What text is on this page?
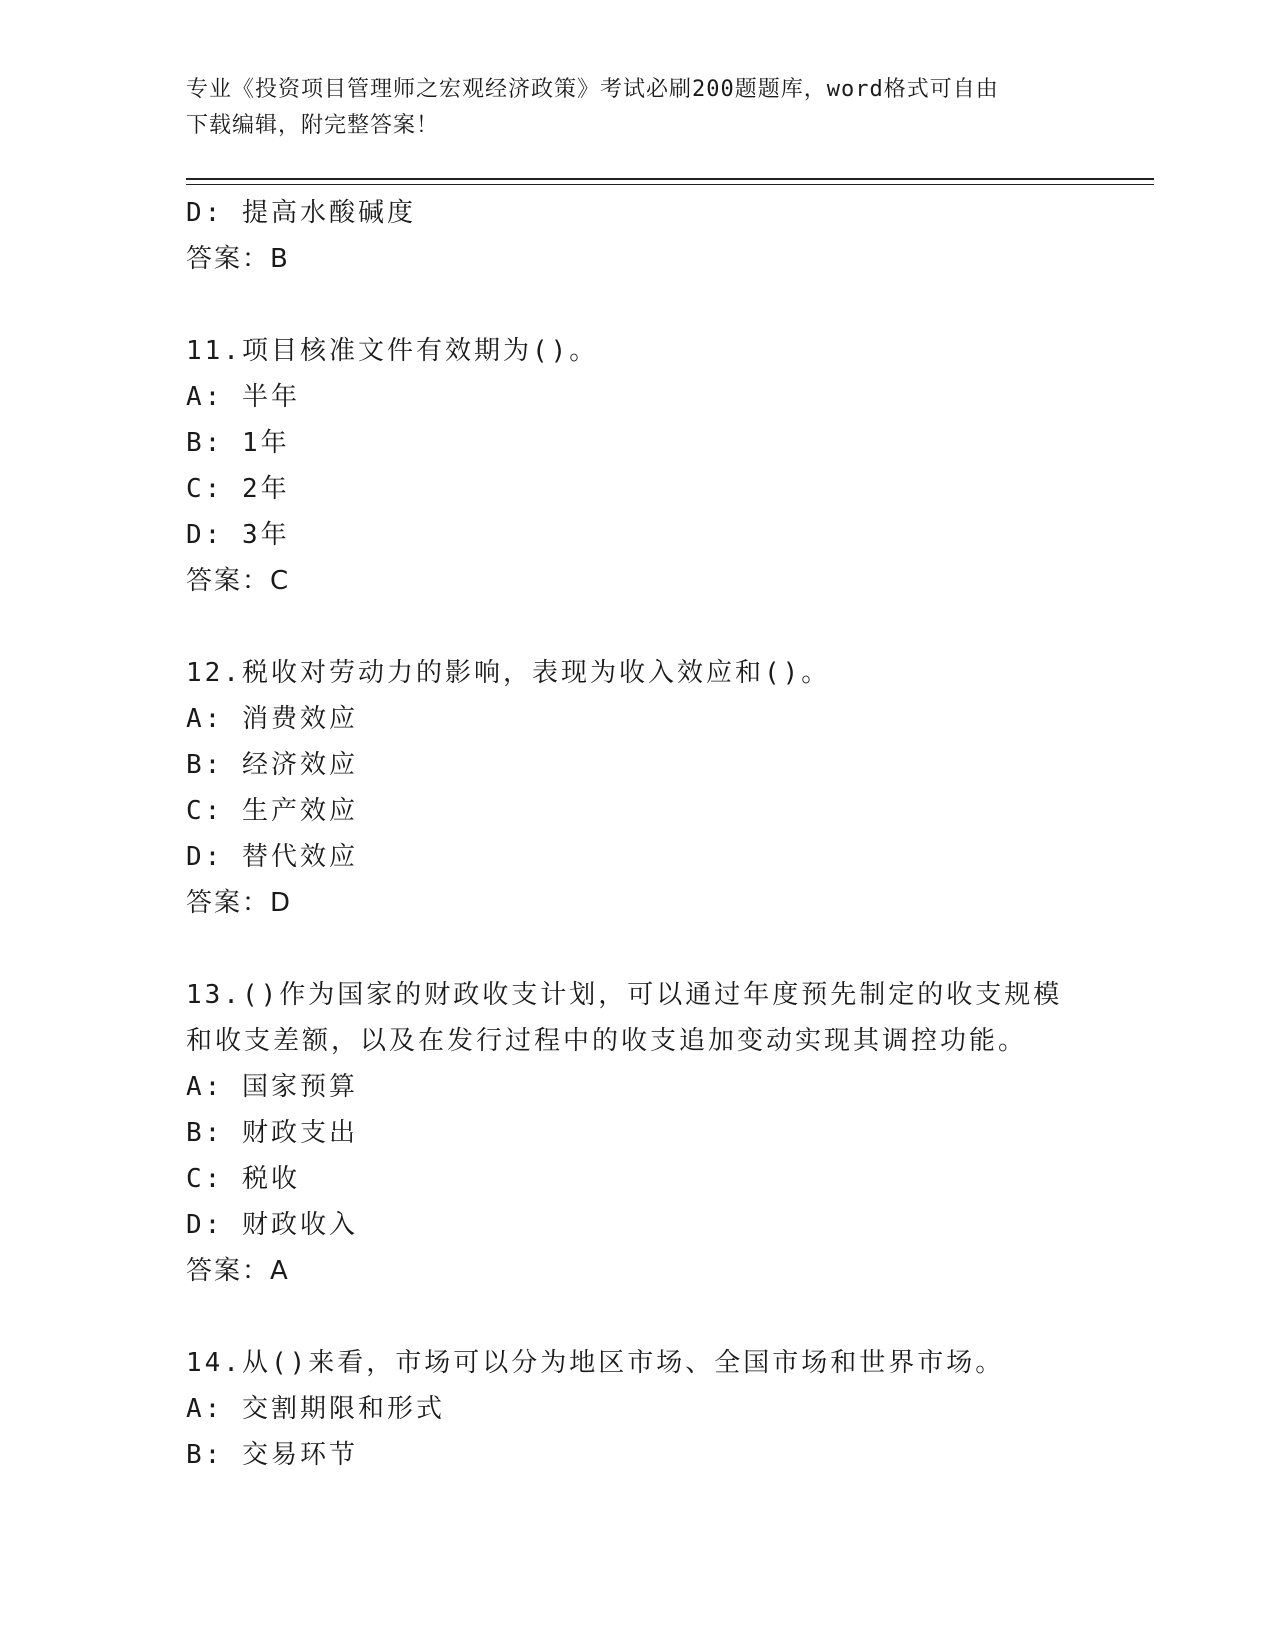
专业《投资项目管理师之宏观经济政策》考试必刷200题题库，word格式可自由
下载编辑，附完整答案！
D: 提高水酸碱度
答案：B
11.项目核准文件有效期为()。
A: 半年
B: 1年
C: 2年
D: 3年
答案：C
12.税收对劳动力的影响，表现为收入效应和()。
A: 消费效应
B: 经济效应
C: 生产效应
D: 替代效应
答案：D
13.()作为国家的财政收支计划，可以通过年度预先制定的收支规模和收支差额，以及在发行过程中的收支追加变动实现其调控功能。
A: 国家预算
B: 财政支出
C: 税收
D: 财政收入
答案：A
14.从()来看，市场可以分为地区市场、全国市场和世界市场。
A: 交割期限和形式
B: 交易环节
